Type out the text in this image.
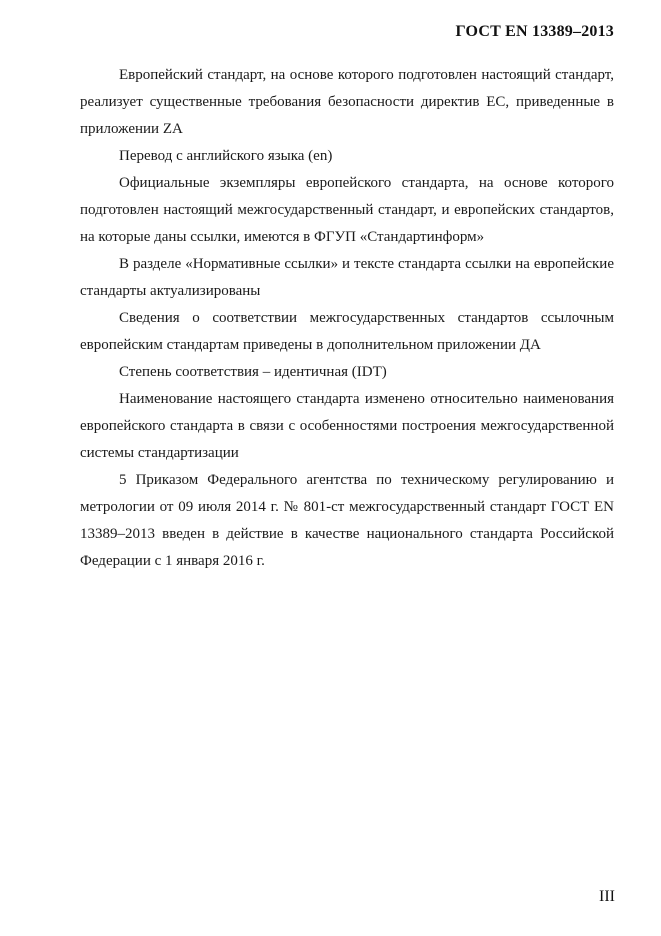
ГОСТ EN 13389–2013

Европейский стандарт, на основе которого подготовлен настоящий стандарт, реализует существенные требования безопасности директив ЕС, приведенные в приложении ZA

Перевод с английского языка (en)

Официальные экземпляры европейского стандарта, на основе которого подготовлен настоящий межгосударственный стандарт, и европейских стандартов, на которые даны ссылки, имеются в ФГУП «Стандартинформ»

В разделе «Нормативные ссылки» и тексте стандарта ссылки на европейские стандарты актуализированы

Сведения о соответствии межгосударственных стандартов ссылочным европейским стандартам приведены в дополнительном приложении ДА

Степень соответствия – идентичная (IDT)

Наименование настоящего стандарта изменено относительно наименования европейского стандарта в связи с особенностями построения межгосударственной системы стандартизации

5 Приказом Федерального агентства по техническому регулированию и метрологии от 09 июля 2014 г. № 801-ст межгосударственный стандарт ГОСТ EN 13389–2013 введен в действие в качестве национального стандарта Российской Федерации с 1 января 2016 г.

III
